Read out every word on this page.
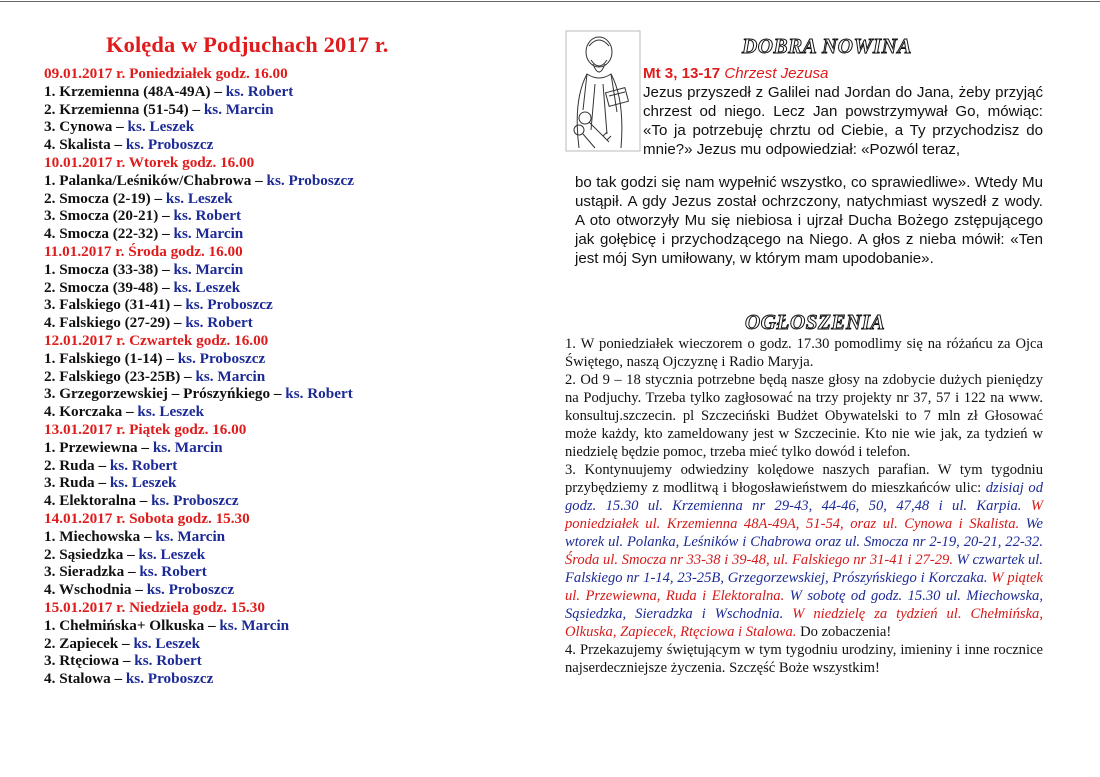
Kolęda w Podjuchach 2017 r.
09.01.2017 r. Poniedziałek godz. 16.00
1. Krzemienna (48A-49A) – ks. Robert
2. Krzemienna (51-54) – ks. Marcin
3. Cynowa – ks. Leszek
4. Skalista – ks. Proboszcz
10.01.2017 r. Wtorek godz. 16.00
1. Palanka/Leśników/Chabrowa – ks. Proboszcz
2. Smocza (2-19) – ks. Leszek
3. Smocza (20-21) – ks. Robert
4. Smocza (22-32) – ks. Marcin
11.01.2017 r. Środa godz. 16.00
1. Smocza (33-38) – ks. Marcin
2. Smocza (39-48) – ks. Leszek
3. Falskiego (31-41) – ks. Proboszcz
4. Falskiego (27-29) – ks. Robert
12.01.2017 r. Czwartek godz. 16.00
1. Falskiego (1-14) – ks. Proboszcz
2. Falskiego (23-25B) – ks. Marcin
3. Grzegorzewskiej – Prószyńkiego – ks. Robert
4. Korczaka – ks. Leszek
13.01.2017 r. Piątek godz. 16.00
1. Przewiewna – ks. Marcin
2. Ruda – ks. Robert
3. Ruda – ks. Leszek
4. Elektoralna – ks. Proboszcz
14.01.2017 r. Sobota godz. 15.30
1. Miechowska – ks. Marcin
2. Sąsiedzka – ks. Leszek
3. Sieradzka – ks. Robert
4. Wschodnia – ks. Proboszcz
15.01.2017 r. Niedziela godz. 15.30
1. Chełmińska+ Olkuska – ks. Marcin
2. Zapiecek – ks. Leszek
3. Rtęciowa – ks. Robert
4. Stalowa – ks. Proboszcz
DOBRA NOWINA
Mt 3, 13-17 Chrzest Jezusa
Jezus przyszedł z Galilei nad Jordan do Jana, żeby przyjąć chrzest od niego. Lecz Jan powstrzymywał Go, mówiąc: «To ja potrzebuję chrztu od Ciebie, a Ty przychodzisz do mnie?» Jezus mu odpowiedział: «Pozwól teraz,
bo tak godzi się nam wypełnić wszystko, co sprawiedliwe». Wtedy Mu ustąpił. A gdy Jezus został ochrzczony, natychmiast wyszedł z wody. A oto otworzyły Mu się niebiosa i ujrzał Ducha Bożego zstępującego jak gołębicę i przychodzącego na Niego. A głos z nieba mówił: «Ten jest mój Syn umiłowany, w którym mam upodobanie».
OGŁOSZENIA

1. W poniedziałek wieczorem o godz. 17.30 pomodlimy się na różańcu za Ojca Świętego, naszą Ojczyznę i Radio Maryja.

2. Od 9 – 18 stycznia potrzebne będą nasze głosy na zdobycie dużych pieniędzy na Podjuchy. Trzeba tylko zagłosować na trzy projekty nr 37, 57 i 122 na www. konsultuj.szczecin. pl Szczeciński Budżet Obywatelski to 7 mln zł Głosować może każdy, kto zameldowany jest w Szczecinie. Kto nie wie jak, za tydzień w niedzielę będzie pomoc, trzeba mieć tylko dowód i telefon.

3. Kontynuujemy odwiedziny kolędowe naszych parafian. W tym tygodniu przybędziemy z modlitwą i błogosławieństwem do mieszkańców ulic: dzisiaj od godz. 15.30 ul. Krzemienna nr 29-43, 44-46, 50, 47,48 i ul. Karpia. W poniedziałek ul. Krzemienna 48A-49A, 51-54, oraz ul. Cynowa i Skalista. We wtorek ul. Polanka, Leśników i Chabrowa oraz ul. Smocza nr 2-19, 20-21, 22-32. Środa ul. Smocza nr 33-38 i 39-48, ul. Falskiego nr 31-41 i 27-29. W czwartek ul. Falskiego nr 1-14, 23-25B, Grzegorzewskiej, Prószyńskiego i Korczaka. W piątek ul. Przewiewna, Ruda i Elektoralna. W sobotę od godz. 15.30 ul. Miechowska, Sąsiedzka, Sieradzka i Wschodnia. W niedzielę za tydzień ul. Chełmińska, Olkuska, Zapiecek, Rtęciowa i Stalowa. Do zobaczenia!

4. Przekazujemy świętującym w tym tygodniu urodziny, imieniny i inne rocznice najserdeczniejsze życzenia. Szczęść Boże wszystkim!
